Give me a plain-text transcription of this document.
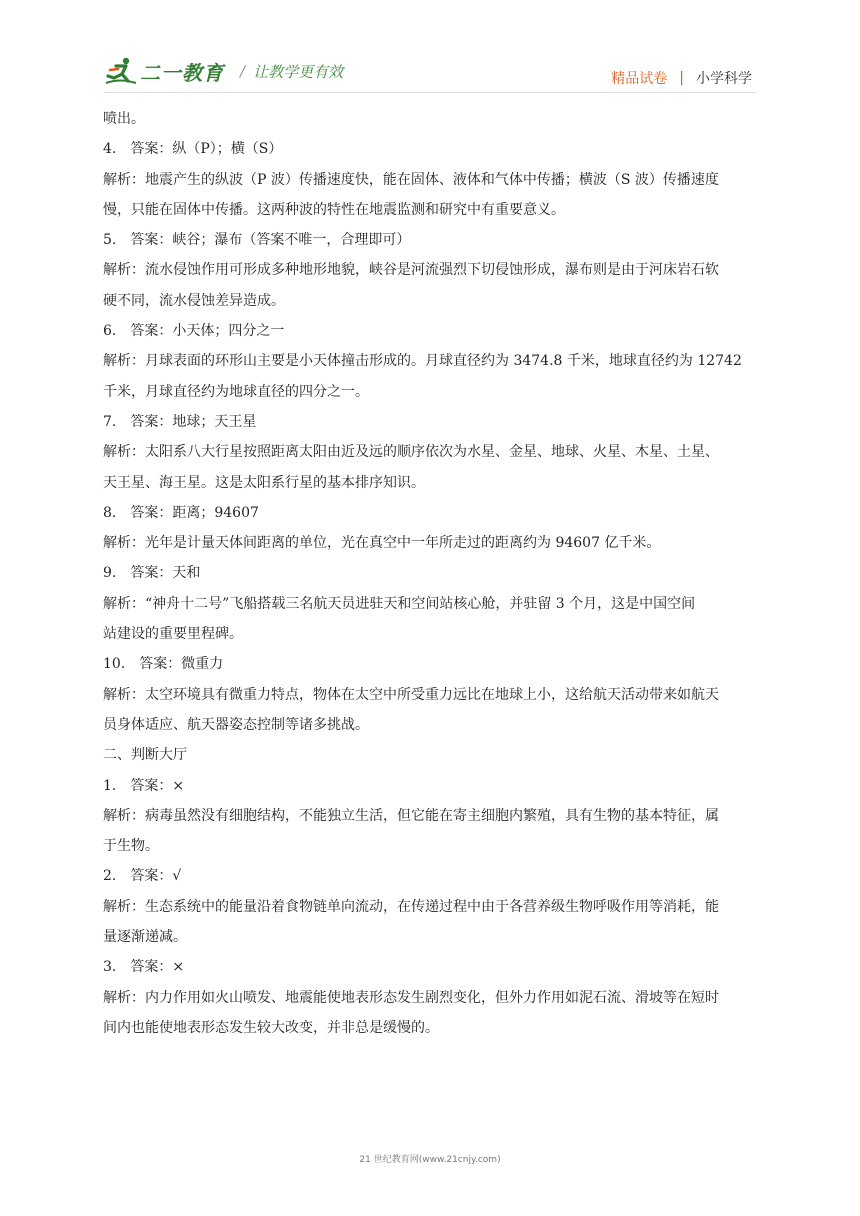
二一教育 / 让教学更有效	精品试卷 | 小学科学
喷出。
4.　答案：纵（P）；横（S）
解析：地震产生的纵波（P 波）传播速度快，能在固体、液体和气体中传播；横波（S 波）传播速度
慢，只能在固体中传播。这两种波的特性在地震监测和研究中有重要意义。
5.　答案：峡谷；瀑布（答案不唯一，合理即可）
解析：流水侵蚀作用可形成多种地形地貌，峡谷是河流强烈下切侵蚀形成，瀑布则是由于河床岩石软
硬不同，流水侵蚀差异造成。
6.　答案：小天体；四分之一
解析：月球表面的环形山主要是小天体撞击形成的。月球直径约为 3474.8 千米，地球直径约为 12742
千米，月球直径约为地球直径的四分之一。
7.　答案：地球；天王星
解析：太阳系八大行星按照距离太阳由近及远的顺序依次为水星、金星、地球、火星、木星、土星、
天王星、海王星。这是太阳系行星的基本排序知识。
8.　答案：距离；94607
解析：光年是计量天体间距离的单位，光在真空中一年所走过的距离约为 94607 亿千米。
9.　答案：天和
解析：“神舟十二号”飞船搭载三名航天员进驻天和空间站核心舱，并驻留 3 个月，这是中国空间
站建设的重要里程碑。
10.　答案：微重力
解析：太空环境具有微重力特点，物体在太空中所受重力远比在地球上小，这给航天活动带来如航天
员身体适应、航天器姿态控制等诸多挑战。
二、判断大厅
1.　答案：×
解析：病毒虽然没有细胞结构，不能独立生活，但它能在寄主细胞内繁殖，具有生物的基本特征，属
于生物。
2.　答案：√
解析：生态系统中的能量沿着食物链单向流动，在传递过程中由于各营养级生物呼吸作用等消耗，能
量逐渐递减。
3.　答案：×
解析：内力作用如火山喷发、地震能使地表形态发生剧烈变化，但外力作用如泥石流、滑坡等在短时
间内也能使地表形态发生较大改变，并非总是缓慢的。
21 世纪教育网(www.21cnjy.com)
